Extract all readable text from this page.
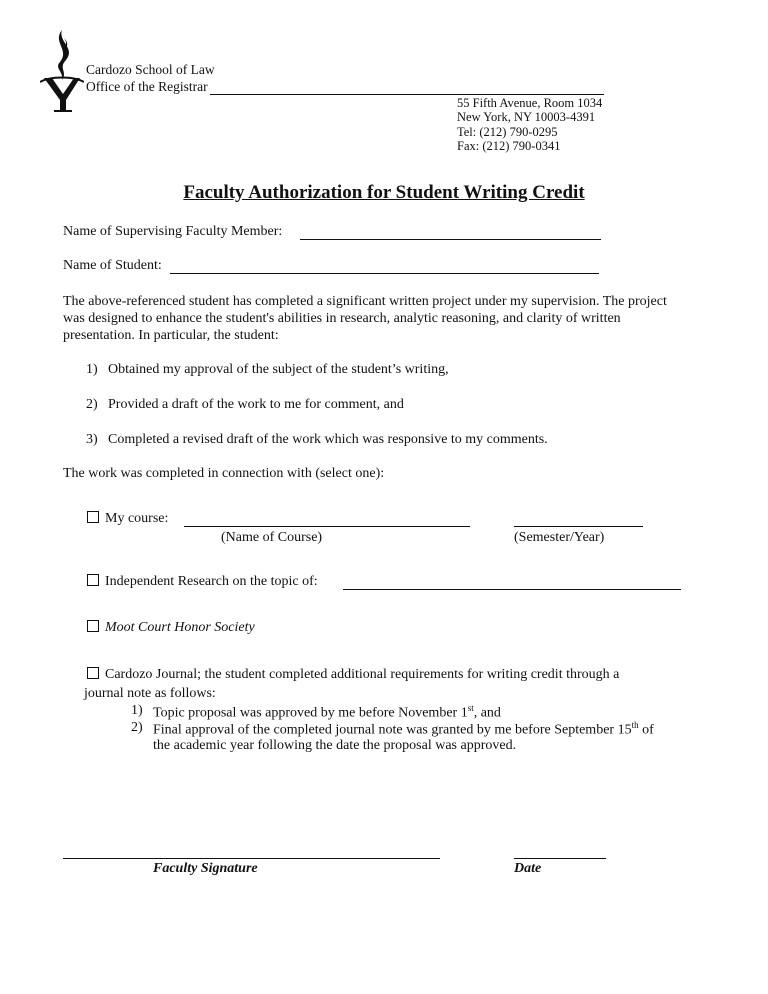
Cardozo School of Law
Office of the Registrar
55 Fifth Avenue, Room 1034
New York, NY 10003-4391
Tel: (212) 790-0295
Fax: (212) 790-0341
Faculty Authorization for Student Writing Credit
Name of Supervising Faculty Member:
Name of Student:
The above-referenced student has completed a significant written project under my supervision. The project was designed to enhance the student's abilities in research, analytic reasoning, and clarity of written presentation. In particular, the student:
1) Obtained my approval of the subject of the student’s writing,
2) Provided a draft of the work to me for comment, and
3) Completed a revised draft of the work which was responsive to my comments.
The work was completed in connection with (select one):
My course:
(Name of Course)	(Semester/Year)
Independent Research on the topic of:
Moot Court Honor Society
Cardozo Journal; the student completed additional requirements for writing credit through a
journal note as follows:
1) Topic proposal was approved by me before November 1st, and
2) Final approval of the completed journal note was granted by me before September 15th of
the academic year following the date the proposal was approved.
Faculty Signature	Date
